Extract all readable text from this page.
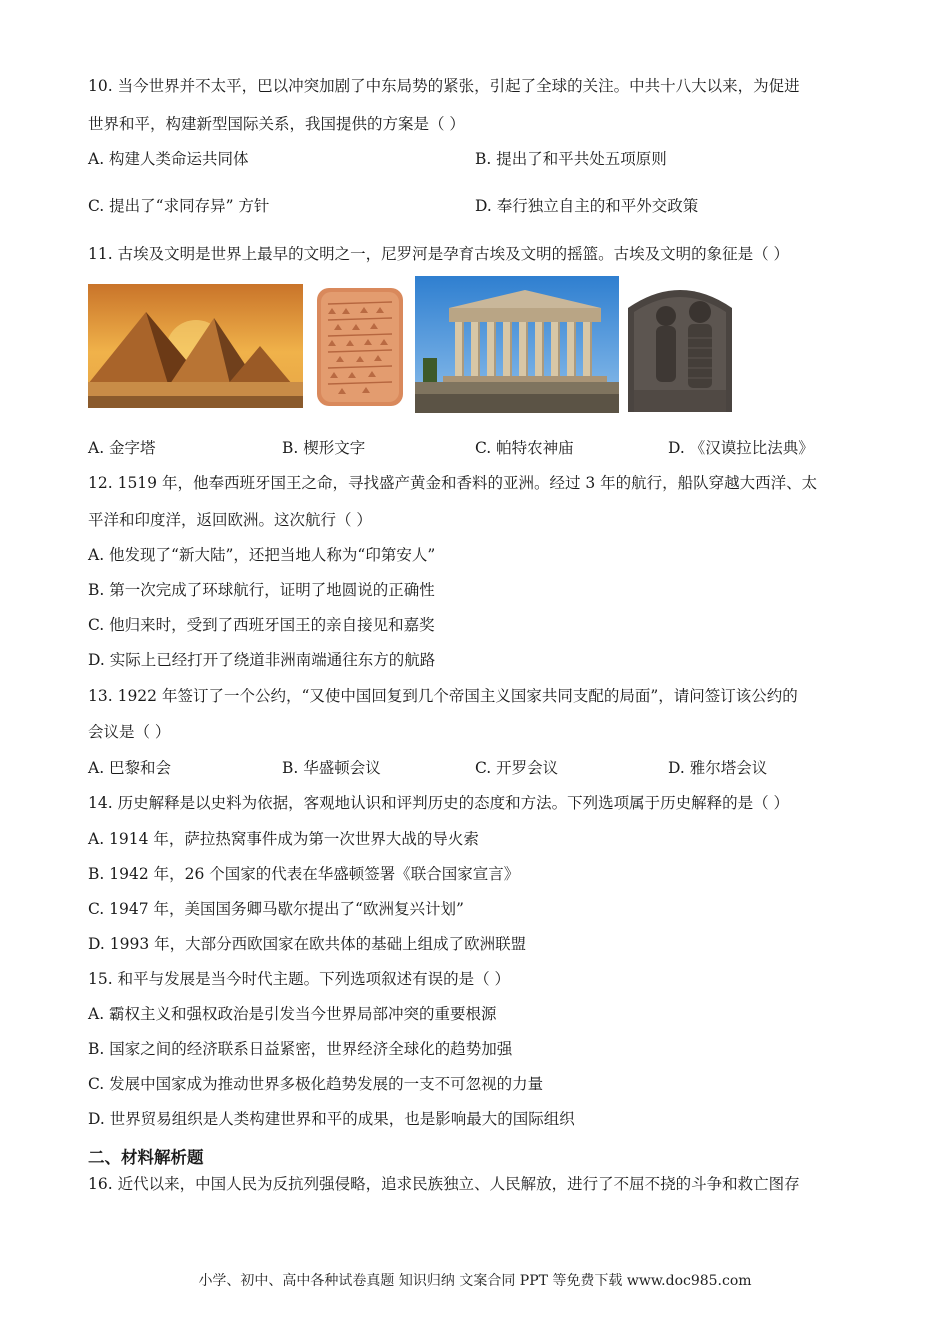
10. 当今世界并不太平，巴以冲突加剧了中东局势的紧张，引起了全球的关注。中共十八大以来，为促进
世界和平，构建新型国际关系，我国提供的方案是（ ）
A. 构建人类命运共同体	B. 提出了和平共处五项原则
C. 提出了“求同存异” 方针	D. 奉行独立自主的和平外交政策
11. 古埃及文明是世界上最早的文明之一，尼罗河是孕育古埃及文明的摇篮。古埃及文明的象征是（ ）
A. 金字塔	B. 楔形文字	C. 帕特农神庙	D. 《汉谟拉比法典》
12. 1519 年，他奉西班牙国王之命，寻找盛产黄金和香料的亚洲。经过 3 年的航行，船队穿越大西洋、太
平洋和印度洋，返回欧洲。这次航行（ ）
A. 他发现了“新大陆”，还把当地人称为“印第安人”
B. 第一次完成了环球航行，证明了地圆说的正确性
C. 他归来时，受到了西班牙国王的亲自接见和嘉奖
D. 实际上已经打开了绕道非洲南端通往东方的航路
13. 1922 年签订了一个公约，“又使中国回复到几个帝国主义国家共同支配的局面”，请问签订该公约的
会议是（ ）
A. 巴黎和会	B. 华盛顿会议	C. 开罗会议	D. 雅尔塔会议
14. 历史解释是以史料为依据，客观地认识和评判历史的态度和方法。下列选项属于历史解释的是（ ）
A. 1914 年，萨拉热窝事件成为第一次世界大战的导火索
B. 1942 年，26 个国家的代表在华盛顿签署《联合国家宣言》
C. 1947 年，美国国务卿马歇尔提出了“欧洲复兴计划”
D. 1993 年，大部分西欧国家在欧共体的基础上组成了欧洲联盟
15. 和平与发展是当今时代主题。下列选项叙述有误的是（ ）
A. 霸权主义和强权政治是引发当今世界局部冲突的重要根源
B. 国家之间的经济联系日益紧密，世界经济全球化的趋势加强
C. 发展中国家成为推动世界多极化趋势发展的一支不可忽视的力量
D. 世界贸易组织是人类构建世界和平的成果，也是影响最大的国际组织
二、材料解析题
16. 近代以来，中国人民为反抗列强侵略，追求民族独立、人民解放，进行了不屈不挠的斗争和救亡图存
小学、初中、高中各种试卷真题 知识归纳 文案合同 PPT 等免费下载 www.doc985.com
